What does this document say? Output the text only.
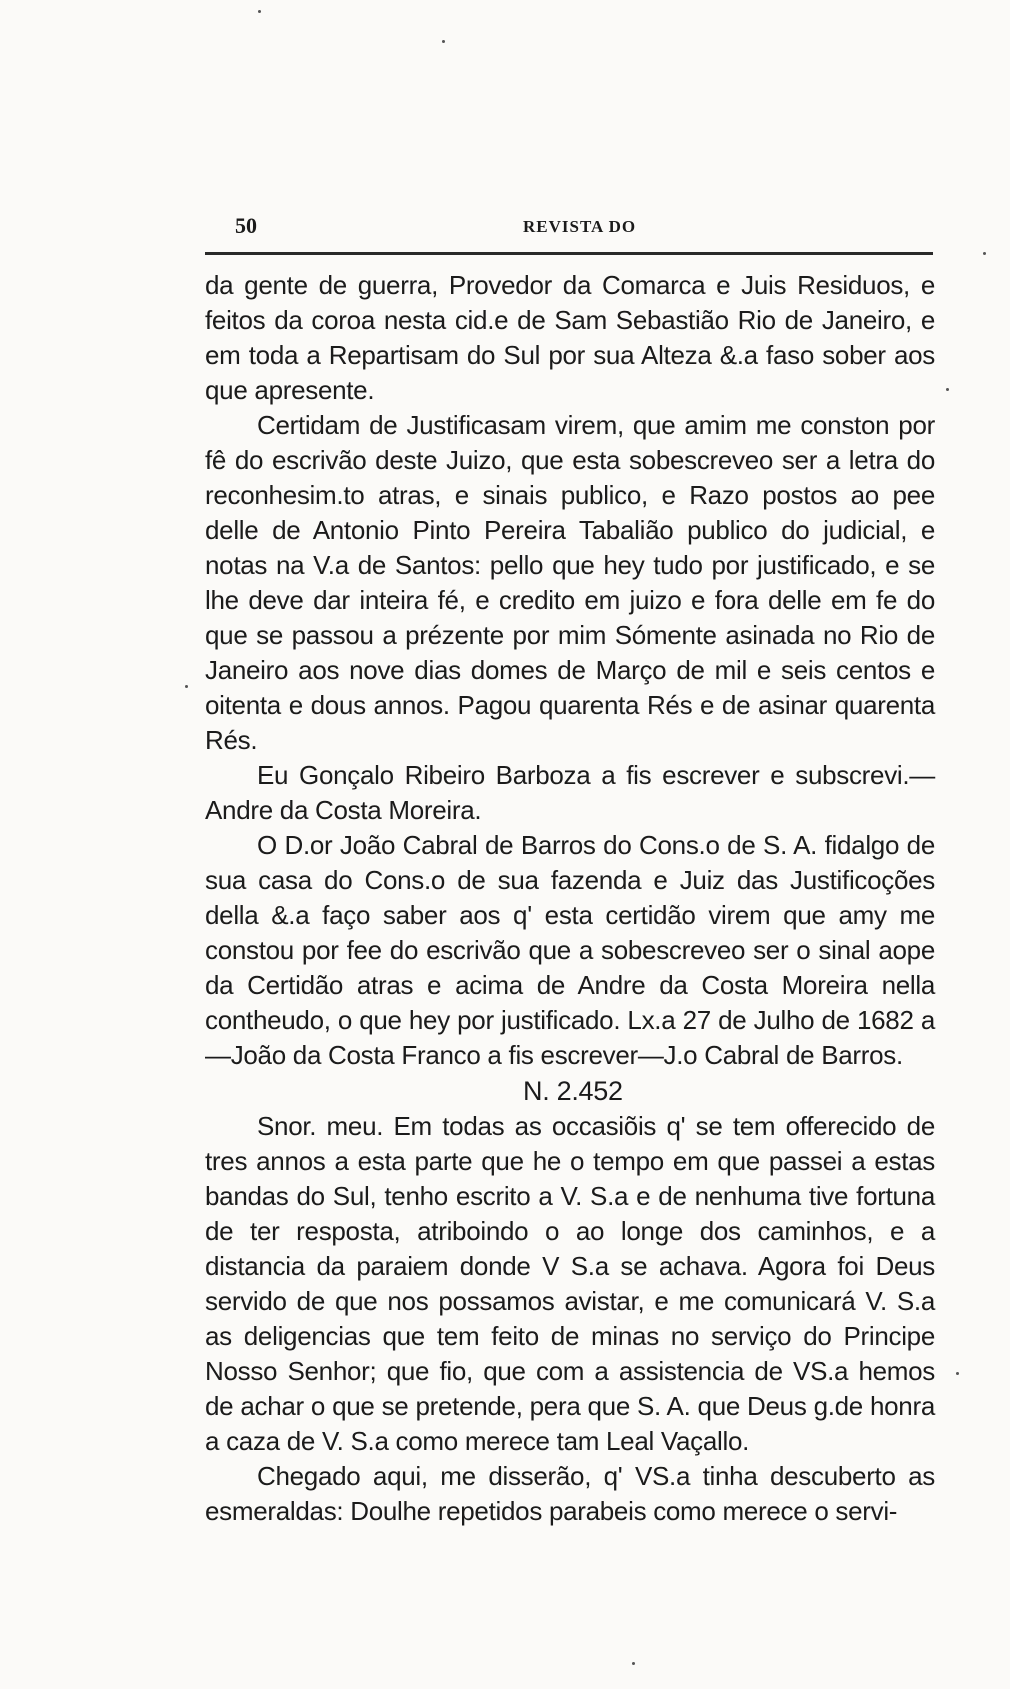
50	REVISTA DO

da gente de guerra, Provedor da Comarca e Juis Residuos, e feitos da coroa nesta cid.e de Sam Sebastião Rio de Janeiro, e em toda a Repartisam do Sul por sua Alteza &.a faso sober aos que apresente.

Certidam de Justificasam virem, que amim me conston por fê do escrivão deste Juizo, que esta sobescreveo ser a letra do reconhesim.to atras, e sinais publico, e Razo postos ao pee delle de Antonio Pinto Pereira Tabalião publico do judicial, e notas na V.a de Santos: pello que hey tudo por justificado, e se lhe deve dar inteira fé, e credito em juizo e fora delle em fe do que se passou a prézente por mim Sómente asinada no Rio de Janeiro aos nove dias domes de Março de mil e seis centos e oitenta e dous annos. Pagou quarenta Rés e de asinar quarenta Rés.

Eu Gonçalo Ribeiro Barboza a fis escrever e subscrevi.— Andre da Costa Moreira.

O D.or João Cabral de Barros do Cons.o de S. A. fidalgo de sua casa do Cons.o de sua fazenda e Juiz das Justificoções della &.a faço saber aos q' esta certidão virem que amy me constou por fee do escrivão que a sobescreveo ser o sinal aope da Certidão atras e acima de Andre da Costa Moreira nella contheudo, o que hey por justificado. Lx.a 27 de Julho de 1682 a—João da Costa Franco a fis escrever—J.o Cabral de Barros.

N. 2.452

Snor. meu. Em todas as occasiõis q' se tem offerecido de tres annos a esta parte que he o tempo em que passei a estas bandas do Sul, tenho escrito a V. S.a e de nenhuma tive fortuna de ter resposta, atriboindo o ao longe dos caminhos, e a distancia da paraiem donde V S.a se achava. Agora foi Deus servido de que nos possamos avistar, e me comunicará V. S.a as deligencias que tem feito de minas no serviço do Principe Nosso Senhor; que fio, que com a assistencia de VS.a hemos de achar o que se pretende, pera que S. A. que Deus g.de honra a caza de V. S.a como merece tam Leal Vaçallo.

Chegado aqui, me disserão, q' VS.a tinha descuberto as esmeraldas: Doulhe repetidos parabeis como merece o servi-
